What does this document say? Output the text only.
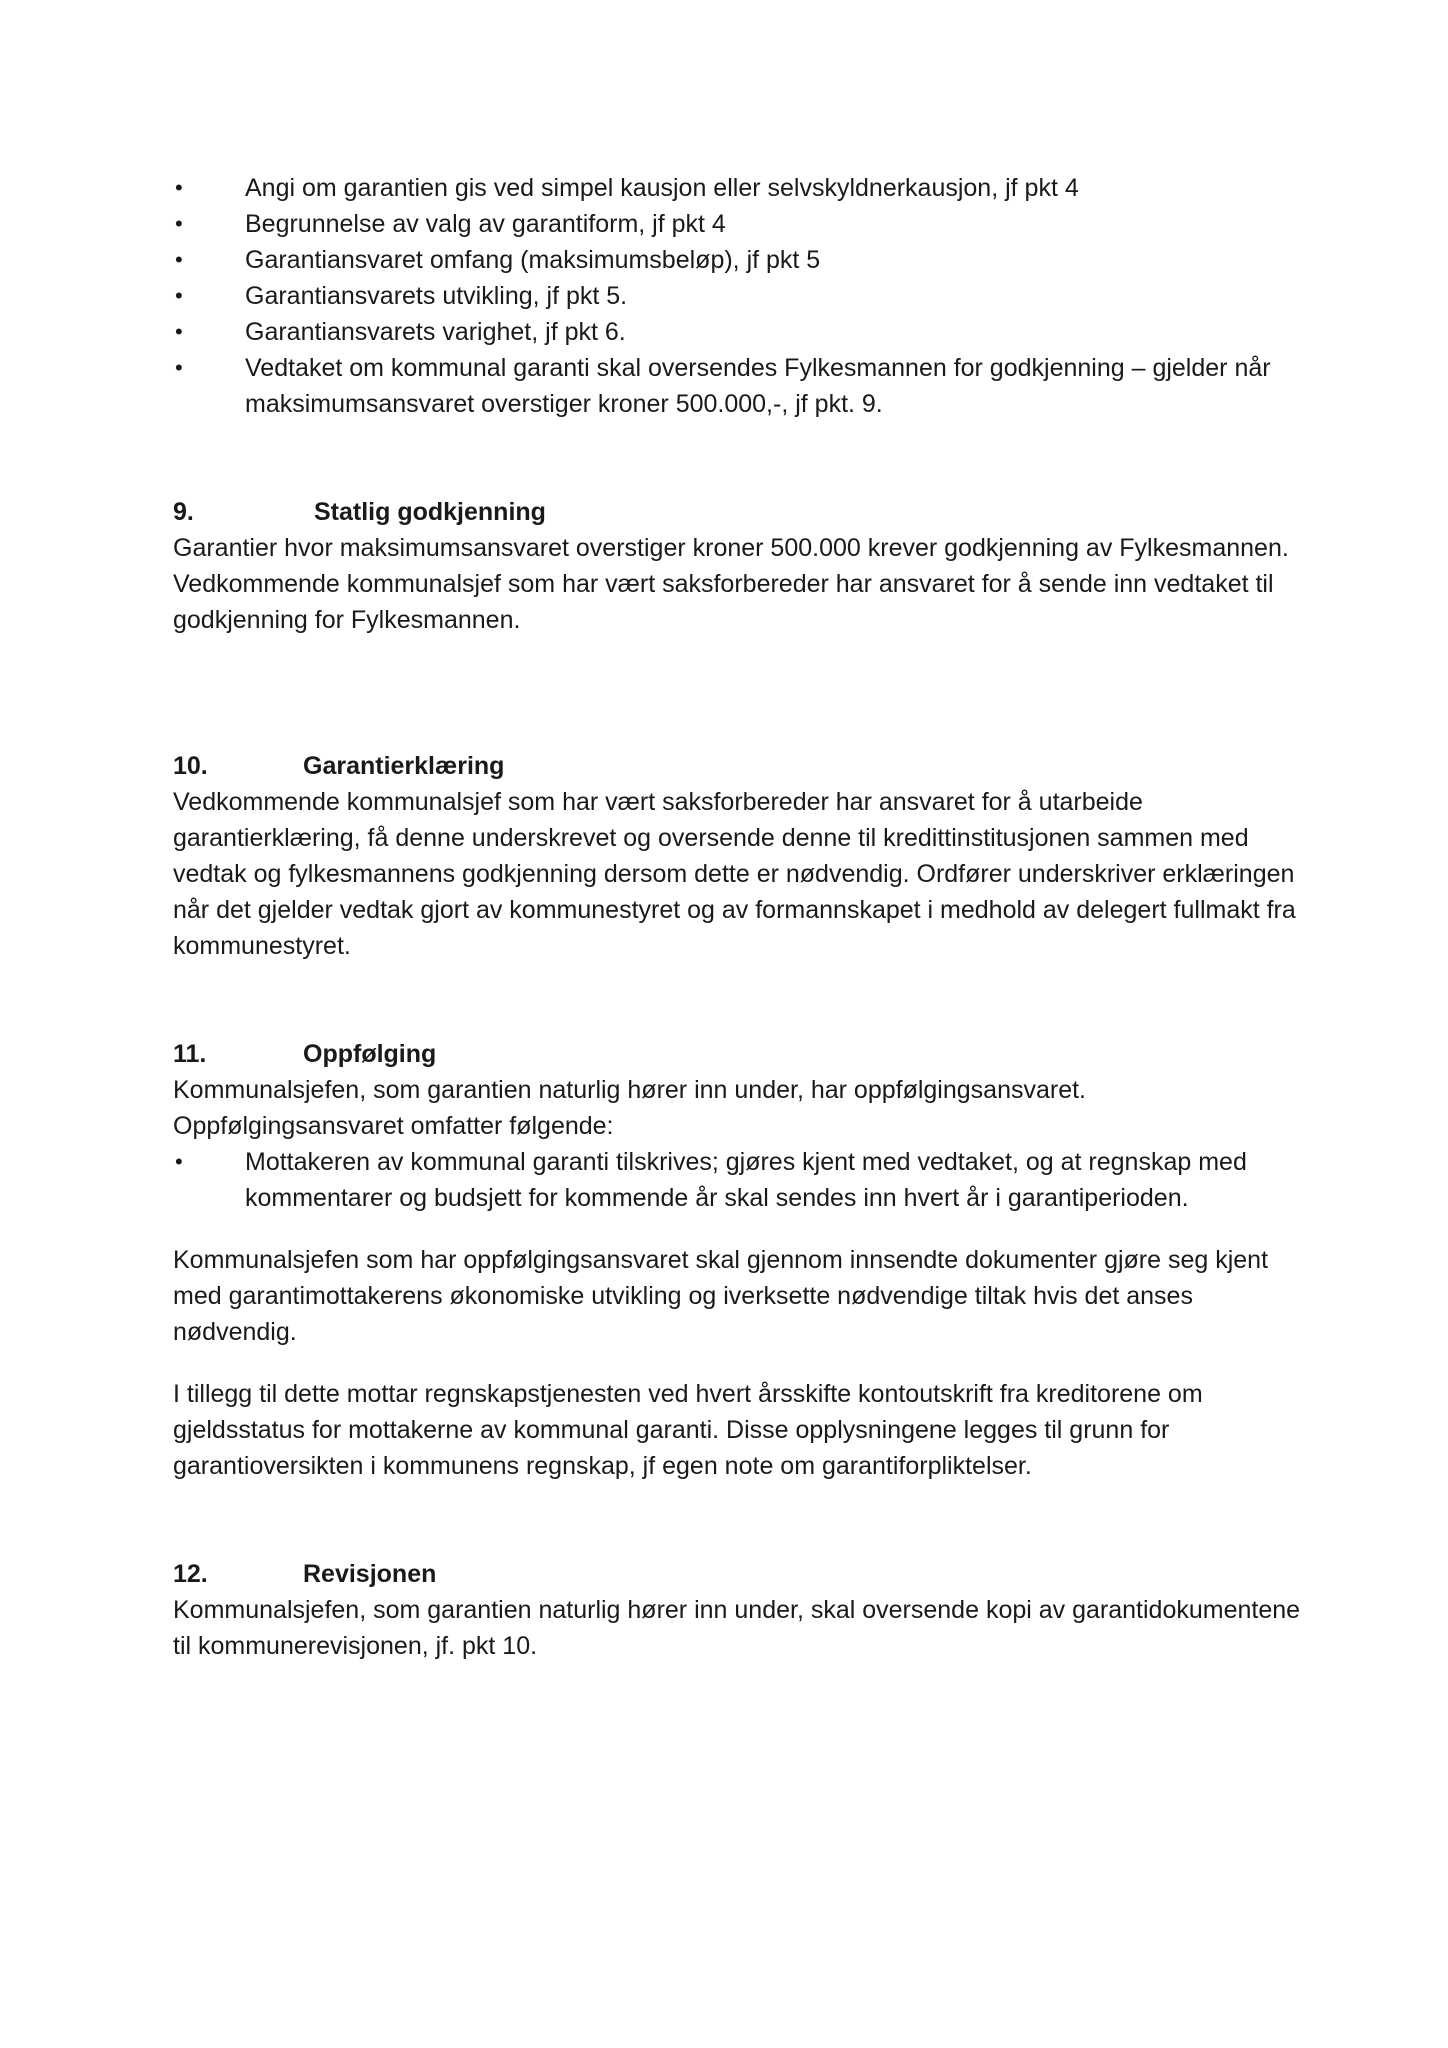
•	Angi om garantien gis ved simpel kausjon eller selvskyldnerkausjon, jf pkt 4
•	Begrunnelse av valg av garantiform, jf pkt 4
•	Garantiansvaret omfang (maksimumsbeløp), jf pkt 5
•	Garantiansvarets utvikling, jf pkt 5.
•	Garantiansvarets varighet, jf pkt 6.
•	Vedtaket om kommunal garanti skal oversendes Fylkesmannen for godkjenning – gjelder når maksimumsansvaret overstiger kroner 500.000,-, jf pkt. 9.
9.	Statlig godkjenning

Garantier hvor maksimumsansvaret overstiger kroner 500.000 krever godkjenning av Fylkesmannen. Vedkommende kommunalsjef som har vært saksforbereder har ansvaret for å sende inn vedtaket til godkjenning for Fylkesmannen.

10.	Garantierklæring

Vedkommende kommunalsjef som har vært saksforbereder har ansvaret for å utarbeide garantierklæring, få denne underskrevet og oversende denne til kredittinstitusjonen sammen med vedtak og fylkesmannens godkjenning dersom dette er nødvendig. Ordfører underskriver erklæringen når det gjelder vedtak gjort av kommunestyret og av formannskapet i medhold av delegert fullmakt fra kommunestyret.

11.	Oppfølging

Kommunalsjefen, som garantien naturlig hører inn under, har oppfølgingsansvaret. Oppfølgingsansvaret omfatter følgende:

•	Mottakeren av kommunal garanti tilskrives; gjøres kjent med vedtaket, og at regnskap med kommentarer og budsjett for kommende år skal sendes inn hvert år i garantiperioden.

Kommunalsjefen som har oppfølgingsansvaret skal gjennom innsendte dokumenter gjøre seg kjent med garantimottakerens økonomiske utvikling og iverksette nødvendige tiltak hvis det anses nødvendig.

I tillegg til dette mottar regnskapstjenesten ved hvert årsskifte kontoutskrift fra kreditorene om gjeldsstatus for mottakerne av kommunal garanti. Disse opplysningene legges til grunn for garantioversikten i kommunens regnskap, jf egen note om garantiforpliktelser.

12.	Revisjonen

Kommunalsjefen, som garantien naturlig hører inn under, skal oversende kopi av garantidokumentene til kommunerevisjonen, jf. pkt 10.
